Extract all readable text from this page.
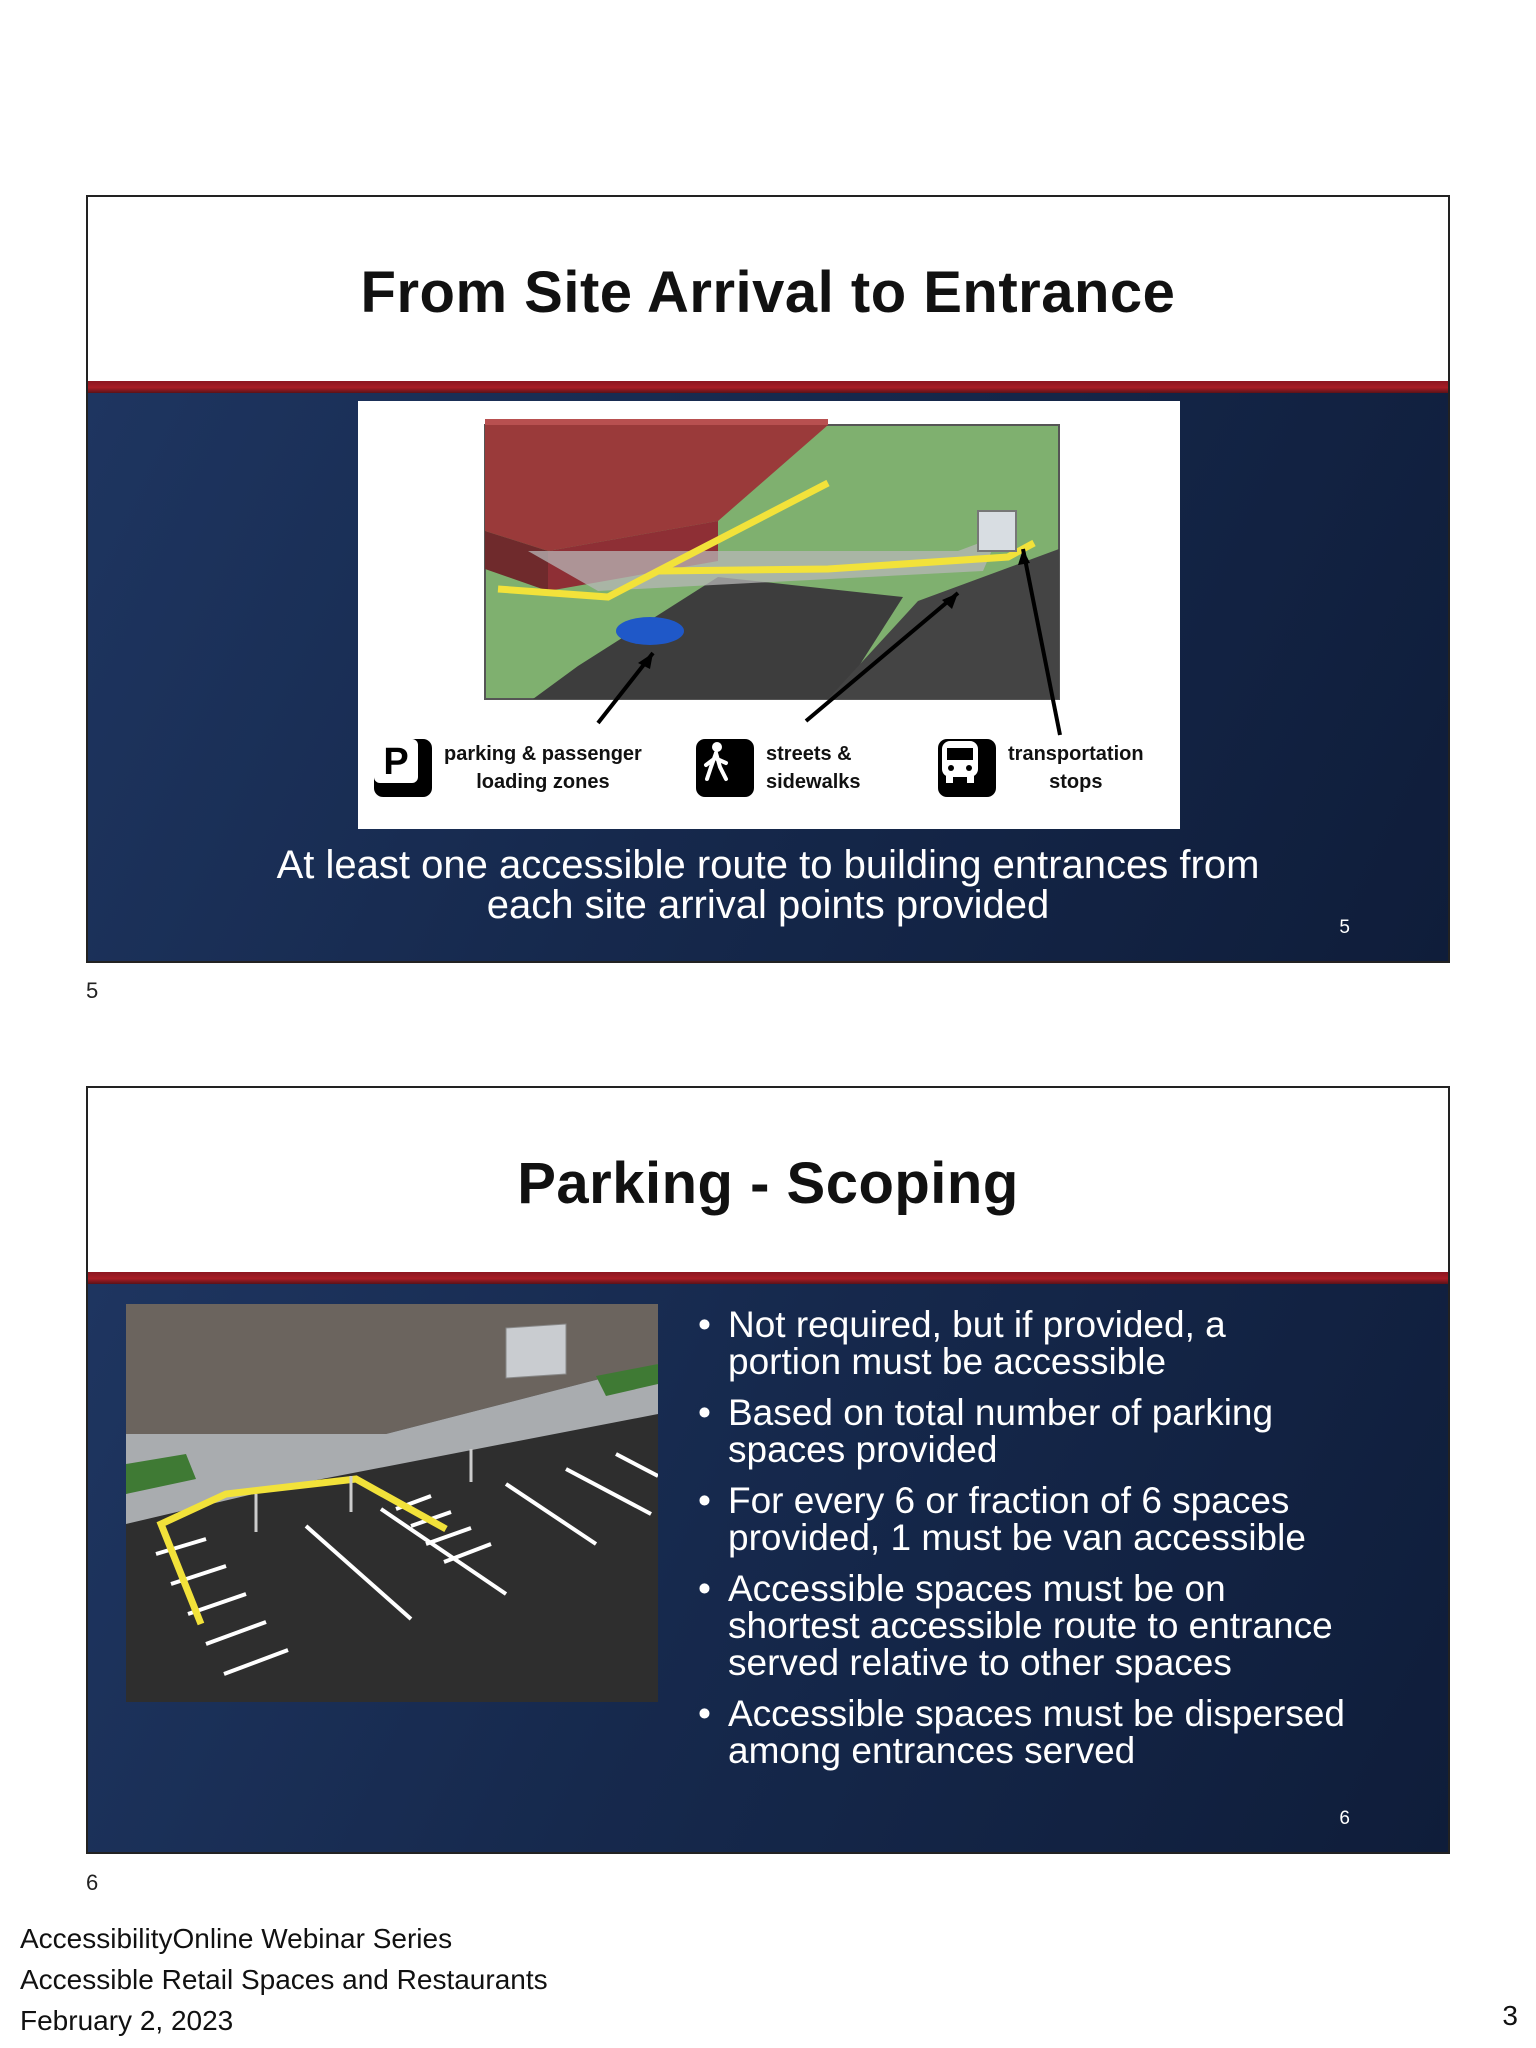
From Site Arrival to Entrance
P parking & passenger
loading zones
streets &
sidewalks
transportation
stops
At least one accessible route to building entrances from
each site arrival points provided
5
5
Parking - Scoping
• Not required, but if provided, a
portion must be accessible
• Based on total number of parking
spaces provided
• For every 6 or fraction of 6 spaces
provided, 1 must be van accessible
• Accessible spaces must be on
shortest accessible route to entrance
served relative to other spaces
• Accessible spaces must be dispersed
among entrances served
6
6
AccessibilityOnline Webinar Series
Accessible Retail Spaces and Restaurants
February 2, 2023	3
